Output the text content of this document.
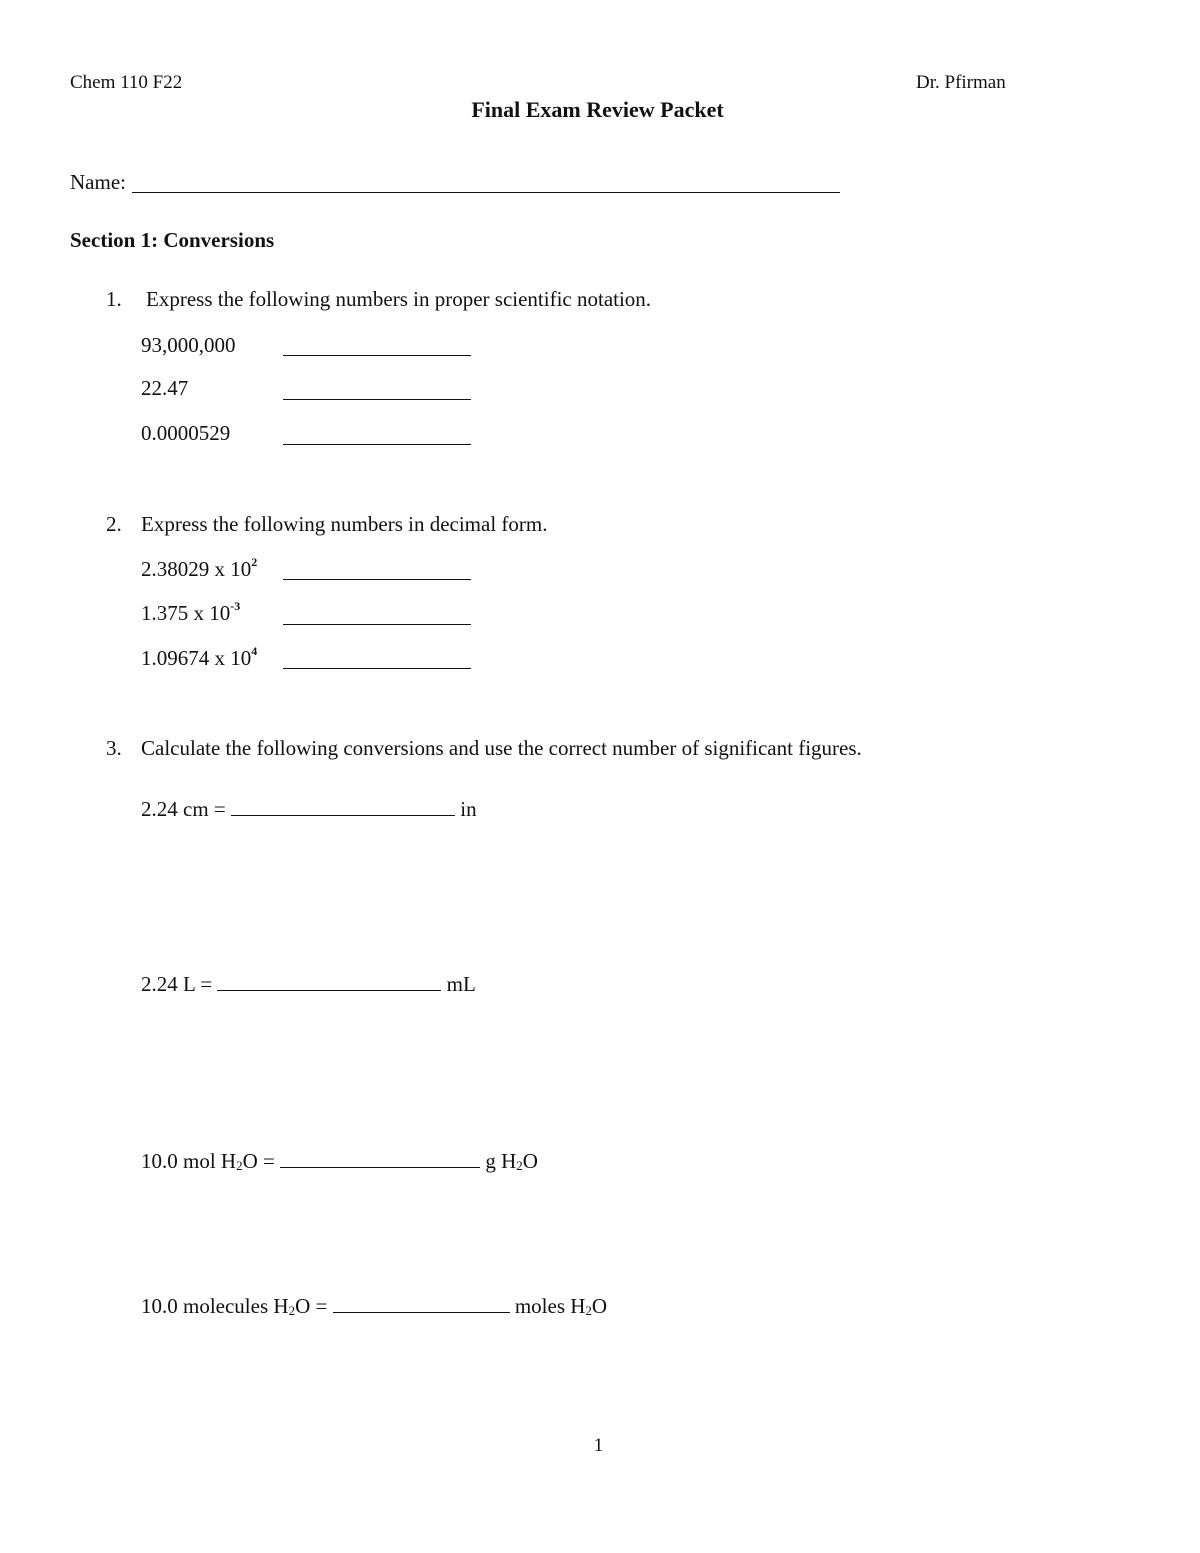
Chem 110 F22	Dr. Pfirman
Final Exam Review Packet
Name:
Section 1: Conversions
1. Express the following numbers in proper scientific notation.
93,000,000
22.47
0.0000529
2. Express the following numbers in decimal form.
2.38029 x $10^2$
1.375 x $10^{-3}$
1.09674 x $10^4$
3. Calculate the following conversions and use the correct number of significant figures.
2.24 cm =	in
2.24 L =	mL
10.0 mol $H_2O$ =	g $H_2O$
10.0 molecules $H_2O$ =	moles $H_2O$
1
